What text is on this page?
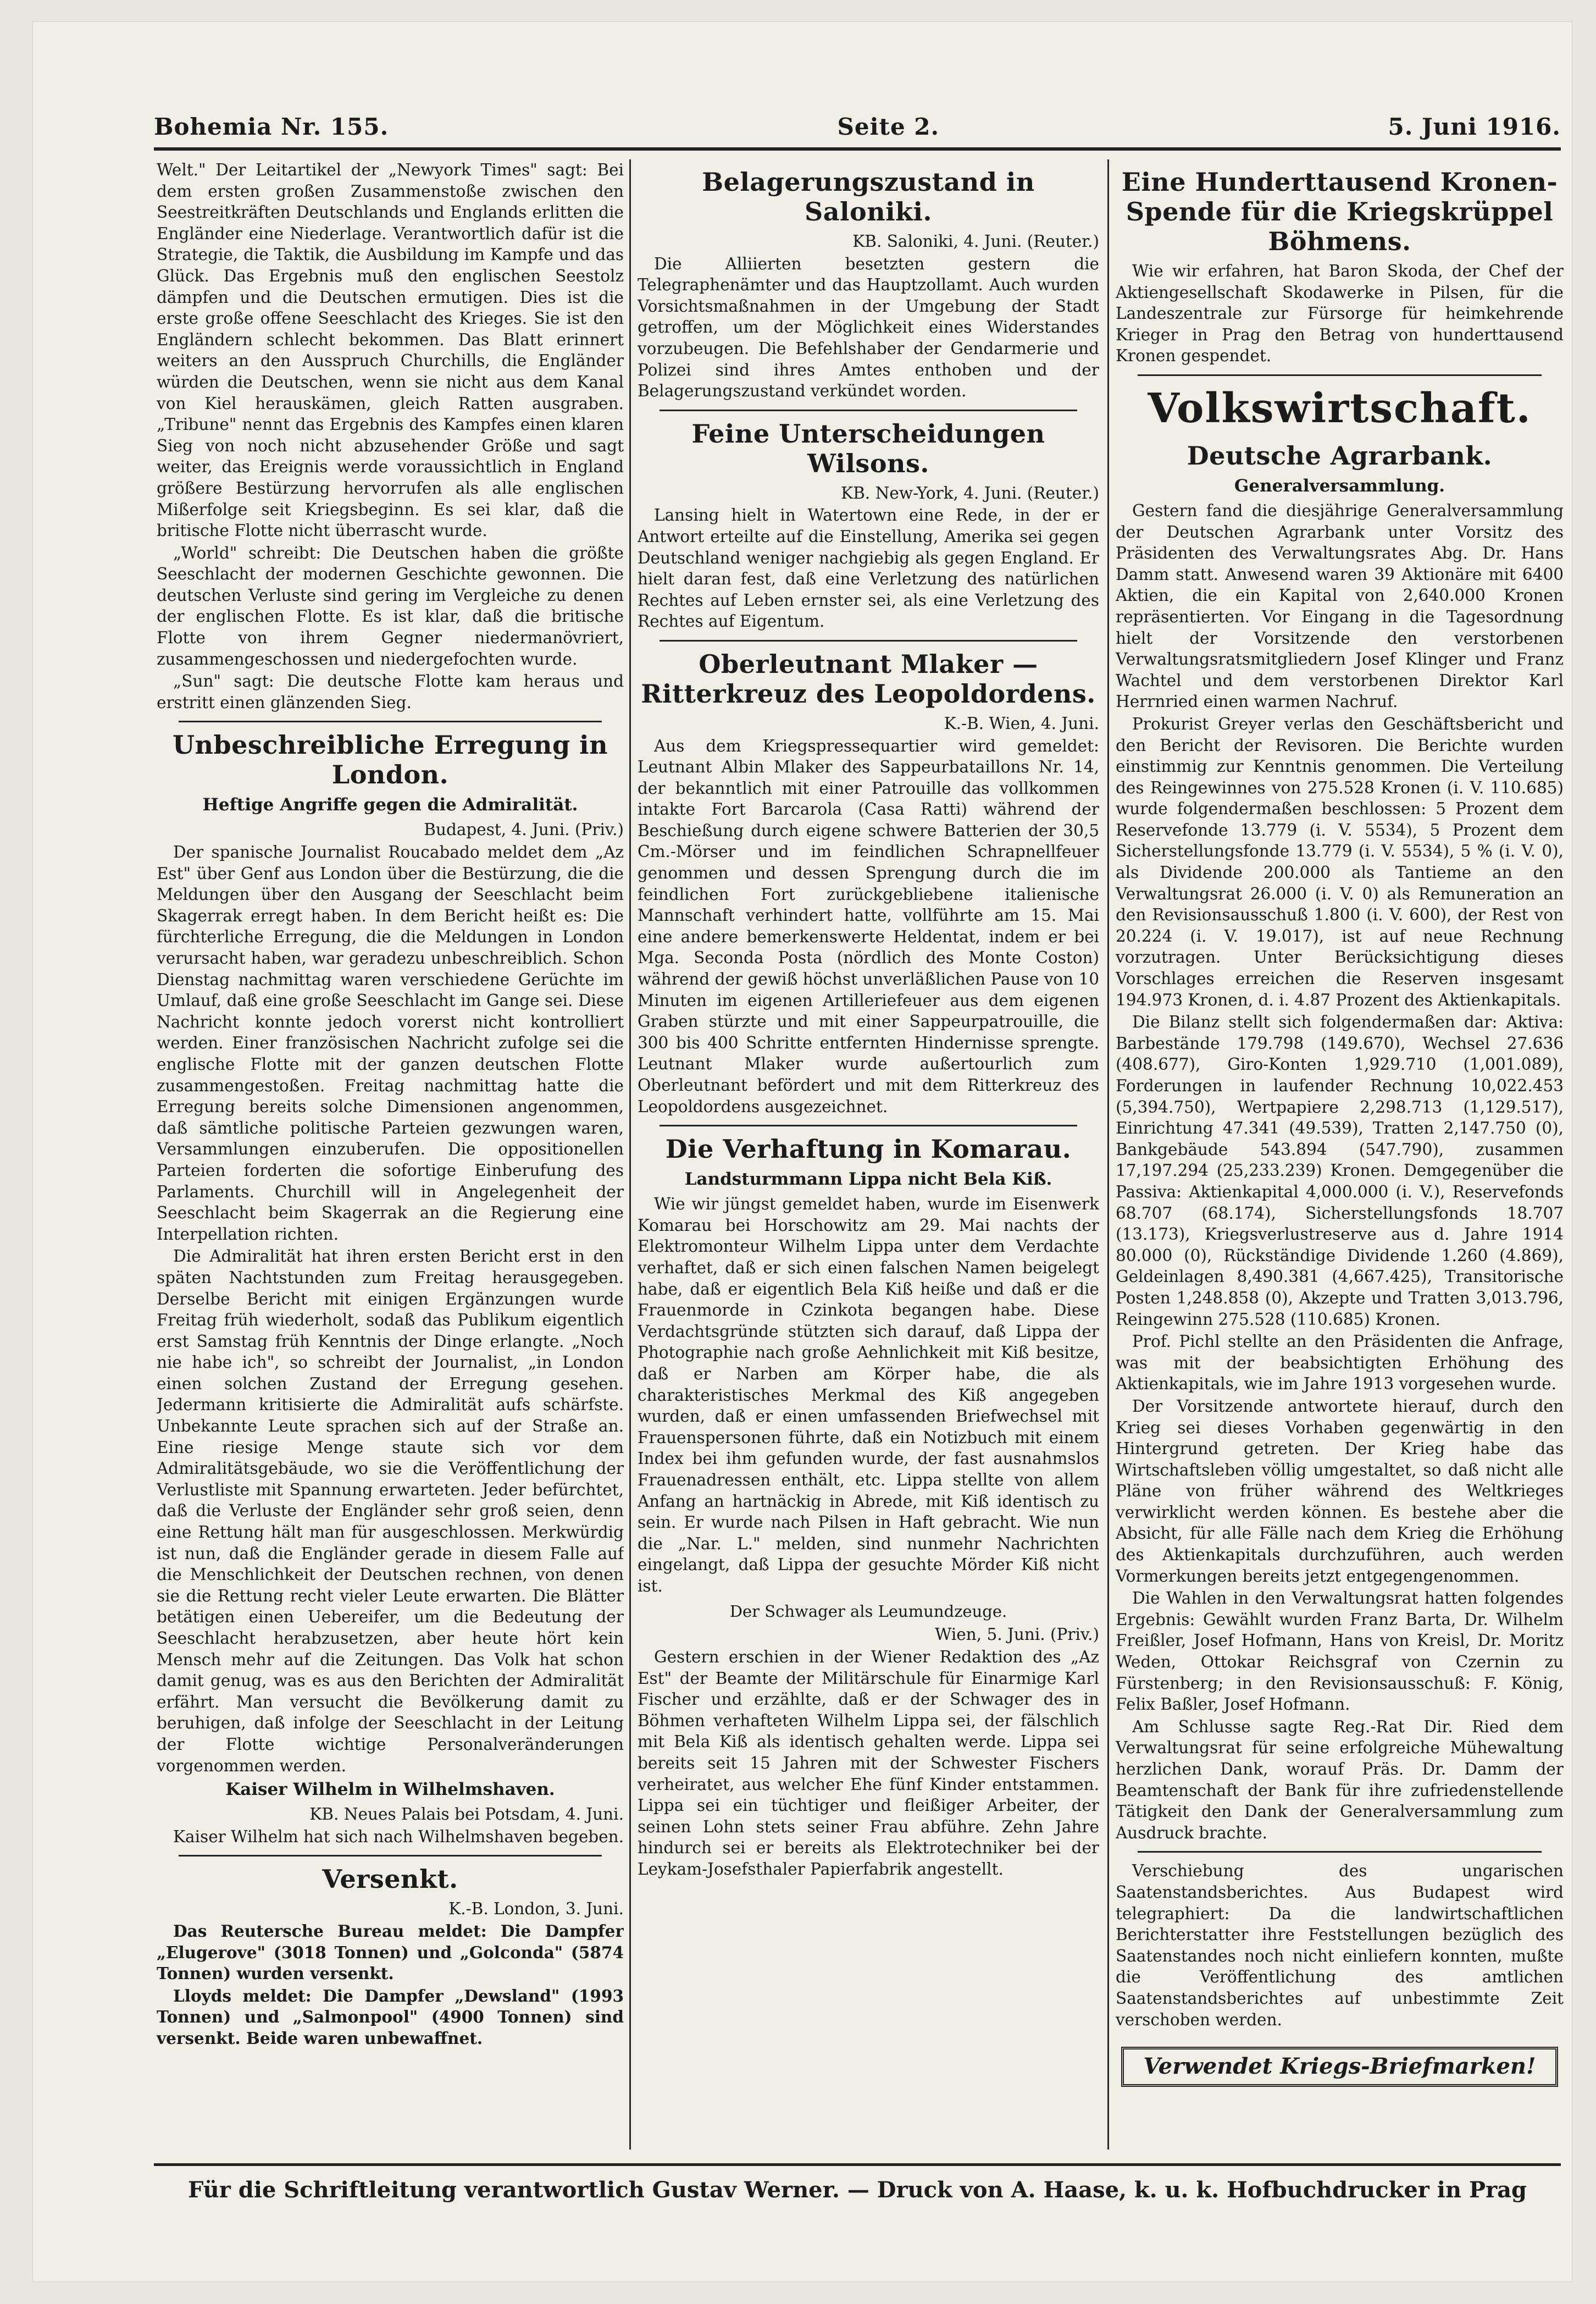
Bohemia Nr. 155.	Seite 2.	5. Juni 1916.

Welt." Der Leitartikel der „Newyork Times" sagt: Bei dem ersten großen Zusammenstoße zwischen den Seestreitkräften Deutschlands und Englands erlitten die Engländer eine Niederlage. Verantwortlich dafür ist die Strategie, die Taktik, die Ausbildung im Kampfe und das Glück. Das Ergebnis muß den englischen Seestolz dämpfen und die Deutschen ermutigen. Dies ist die erste große offene Seeschlacht des Krieges. Sie ist den Engländern schlecht bekommen. Das Blatt erinnert weiters an den Ausspruch Churchills, die Engländer würden die Deutschen, wenn sie nicht aus dem Kanal von Kiel herauskämen, gleich Ratten ausgraben. „Tribune" nennt das Ergebnis des Kampfes einen klaren Sieg von noch nicht abzusehender Größe und sagt weiter, das Ereignis werde voraussichtlich in England größere Bestürzung hervorrufen als alle englischen Mißerfolge seit Kriegsbeginn. Es sei klar, daß die britische Flotte nicht überrascht wurde.

„World" schreibt: Die Deutschen haben die größte Seeschlacht der modernen Geschichte gewonnen. Die deutschen Verluste sind gering im Vergleiche zu denen der englischen Flotte. Es ist klar, daß die britische Flotte von ihrem Gegner niedermanövriert, zusammengeschossen und niedergefochten wurde.

„Sun" sagt: Die deutsche Flotte kam heraus und erstritt einen glänzenden Sieg.

Unbeschreibliche Erregung in London.
Heftige Angriffe gegen die Admiralität.

Budapest, 4. Juni. (Priv.)

Der spanische Journalist Roucabado meldet dem „Az Est" über Genf aus London über die Bestürzung, die die Meldungen über den Ausgang der Seeschlacht beim Skagerrak erregt haben. In dem Bericht heißt es: Die fürchterliche Erregung, die die Meldungen in London verursacht haben, war geradezu unbeschreiblich. Schon Dienstag nachmittag waren verschiedene Gerüchte im Umlauf, daß eine große Seeschlacht im Gange sei. Diese Nachricht konnte jedoch vorerst nicht kontrolliert werden. Einer französischen Nachricht zufolge sei die englische Flotte mit der ganzen deutschen Flotte zusammengestoßen. Freitag nachmittag hatte die Erregung bereits solche Dimensionen angenommen, daß sämtliche politische Parteien gezwungen waren, Versammlungen einzuberufen. Die oppositionellen Parteien forderten die sofortige Einberufung des Parlaments. Churchill will in Angelegenheit der Seeschlacht beim Skagerrak an die Regierung eine Interpellation richten.

Die Admiralität hat ihren ersten Bericht erst in den späten Nachtstunden zum Freitag herausgegeben. Derselbe Bericht mit einigen Ergänzungen wurde Freitag früh wiederholt, sodaß das Publikum eigentlich erst Samstag früh Kenntnis der Dinge erlangte. „Noch nie habe ich", so schreibt der Journalist, „in London einen solchen Zustand der Erregung gesehen. Jedermann kritisierte die Admiralität aufs schärfste. Unbekannte Leute sprachen sich auf der Straße an. Eine riesige Menge staute sich vor dem Admiralitätsgebäude, wo sie die Veröffentlichung der Verlustliste mit Spannung erwarteten. Jeder befürchtet, daß die Verluste der Engländer sehr groß seien, denn eine Rettung hält man für ausgeschlossen. Merkwürdig ist nun, daß die Engländer gerade in diesem Falle auf die Menschlichkeit der Deutschen rechnen, von denen sie die Rettung recht vieler Leute erwarten. Die Blätter betätigen einen Uebereifer, um die Bedeutung der Seeschlacht herabzusetzen, aber heute hört kein Mensch mehr auf die Zeitungen. Das Volk hat schon damit genug, was es aus den Berichten der Admiralität erfährt. Man versucht die Bevölkerung damit zu beruhigen, daß infolge der Seeschlacht in der Leitung der Flotte wichtige Personalveränderungen vorgenommen werden.

Kaiser Wilhelm in Wilhelmshaven.

KB. Neues Palais bei Potsdam, 4. Juni.

Kaiser Wilhelm hat sich nach Wilhelmshaven begeben.

Versenkt.

K.-B. London, 3. Juni.

Das Reutersche Bureau meldet: Die Dampfer „Elugerove" (3018 Tonnen) und „Golconda" (5874 Tonnen) wurden versenkt.

Lloyds meldet: Die Dampfer „Dewsland" (1993 Tonnen) und „Salmonpool" (4900 Tonnen) sind versenkt. Beide waren unbewaffnet.

Belagerungszustand in Saloniki.

KB. Saloniki, 4. Juni. (Reuter.)

Die Alliierten besetzten gestern die Telegraphenämter und das Hauptzollamt. Auch wurden Vorsichtsmaßnahmen in der Umgebung der Stadt getroffen, um der Möglichkeit eines Widerstandes vorzubeugen. Die Befehlshaber der Gendarmerie und Polizei sind ihres Amtes enthoben und der Belagerungszustand verkündet worden.

Feine Unterscheidungen Wilsons.

KB. New-York, 4. Juni. (Reuter.)

Lansing hielt in Watertown eine Rede, in der er Antwort erteilte auf die Einstellung, Amerika sei gegen Deutschland weniger nachgiebig als gegen England. Er hielt daran fest, daß eine Verletzung des natürlichen Rechtes auf Leben ernster sei, als eine Verletzung des Rechtes auf Eigentum.

Oberleutnant Mlaker — Ritterkreuz des Leopoldordens.

K.-B. Wien, 4. Juni.

Aus dem Kriegspressequartier wird gemeldet: Leutnant Albin Mlaker des Sappeurbataillons Nr. 14, der bekanntlich mit einer Patrouille das vollkommen intakte Fort Barcarola (Casa Ratti) während der Beschießung durch eigene schwere Batterien der 30,5 Cm.-Mörser und im feindlichen Schrapnellfeuer genommen und dessen Sprengung durch die im feindlichen Fort zurückgebliebene italienische Mannschaft verhindert hatte, vollführte am 15. Mai eine andere bemerkenswerte Heldentat, indem er bei Mga. Seconda Posta (nördlich des Monte Coston) während der gewiß höchst unverläßlichen Pause von 10 Minuten im eigenen Artilleriefeuer aus dem eigenen Graben stürzte und mit einer Sappeurpatrouille, die 300 bis 400 Schritte entfernten Hindernisse sprengte. Leutnant Mlaker wurde außertourlich zum Oberleutnant befördert und mit dem Ritterkreuz des Leopoldordens ausgezeichnet.

Die Verhaftung in Komarau.
Landsturmmann Lippa nicht Bela Kiß.

Wie wir jüngst gemeldet haben, wurde im Eisenwerk Komarau bei Horschowitz am 29. Mai nachts der Elektromonteur Wilhelm Lippa unter dem Verdachte verhaftet, daß er sich einen falschen Namen beigelegt habe, daß er eigentlich Bela Kiß heiße und daß er die Frauenmorde in Czinkota begangen habe. Diese Verdachtsgründe stützten sich darauf, daß Lippa der Photographie nach große Aehnlichkeit mit Kiß besitze, daß er Narben am Körper habe, die als charakteristisches Merkmal des Kiß angegeben wurden, daß er einen umfassenden Briefwechsel mit Frauenspersonen führte, daß ein Notizbuch mit einem Index bei ihm gefunden wurde, der fast ausnahmslos Frauenadressen enthält, etc. Lippa stellte von allem Anfang an hartnäckig in Abrede, mit Kiß identisch zu sein. Er wurde nach Pilsen in Haft gebracht. Wie nun die „Nar. L." melden, sind nunmehr Nachrichten eingelangt, daß Lippa der gesuchte Mörder Kiß nicht ist.

Der Schwager als Leumundzeuge.

Wien, 5. Juni. (Priv.)

Gestern erschien in der Wiener Redaktion des „Az Est" der Beamte der Militärschule für Einarmige Karl Fischer und erzählte, daß er der Schwager des in Böhmen verhafteten Wilhelm Lippa sei, der fälschlich mit Bela Kiß als identisch gehalten werde. Lippa sei bereits seit 15 Jahren mit der Schwester Fischers verheiratet, aus welcher Ehe fünf Kinder entstammen. Lippa sei ein tüchtiger und fleißiger Arbeiter, der seinen Lohn stets seiner Frau abführe. Zehn Jahre hindurch sei er bereits als Elektrotechniker bei der Leykam-Josefsthaler Papierfabrik angestellt.

Eine Hunderttausend Kronen-Spende für die Kriegskrüppel Böhmens.

Wie wir erfahren, hat Baron Skoda, der Chef der Aktiengesellschaft Skodawerke in Pilsen, für die Landeszentrale zur Fürsorge für heimkehrende Krieger in Prag den Betrag von hunderttausend Kronen gespendet.

Volkswirtschaft.
Deutsche Agrarbank.
Generalversammlung.

Gestern fand die diesjährige Generalversammlung der Deutschen Agrarbank unter Vorsitz des Präsidenten des Verwaltungsrates Abg. Dr. Hans Damm statt. Anwesend waren 39 Aktionäre mit 6400 Aktien, die ein Kapital von 2,640.000 Kronen repräsentierten. Vor Eingang in die Tagesordnung hielt der Vorsitzende den verstorbenen Verwaltungsratsmitgliedern Josef Klinger und Franz Wachtel und dem verstorbenen Direktor Karl Herrnried einen warmen Nachruf.

Prokurist Greyer verlas den Geschäftsbericht und den Bericht der Revisoren. Die Berichte wurden einstimmig zur Kenntnis genommen. Die Verteilung des Reingewinnes von 275.528 Kronen (i. V. 110.685) wurde folgendermaßen beschlossen: 5 Prozent dem Reservefonde 13.779 (i. V. 5534), 5 Prozent dem Sicherstellungsfonde 13.779 (i. V. 5534), 5 % (i. V. 0), als Dividende 200.000 als Tantieme an den Verwaltungsrat 26.000 (i. V. 0) als Remuneration an den Revisionsausschuß 1.800 (i. V. 600), der Rest von 20.224 (i. V. 19.017), ist auf neue Rechnung vorzutragen. Unter Berücksichtigung dieses Vorschlages erreichen die Reserven insgesamt 194.973 Kronen, d. i. 4.87 Prozent des Aktienkapitals.

Die Bilanz stellt sich folgendermaßen dar: Aktiva: Barbestände 179.798 (149.670), Wechsel 27.636 (408.677), Giro-Konten 1,929.710 (1,001.089), Forderungen in laufender Rechnung 10,022.453 (5,394.750), Wertpapiere 2,298.713 (1,129.517), Einrichtung 47.341 (49.539), Tratten 2,147.750 (0), Bankgebäude 543.894 (547.790), zusammen 17,197.294 (25,233.239) Kronen. Demgegenüber die Passiva: Aktienkapital 4,000.000 (i. V.), Reservefonds 68.707 (68.174), Sicherstellungsfonds 18.707 (13.173), Kriegsverlustreserve aus d. Jahre 1914 80.000 (0), Rückständige Dividende 1.260 (4.869), Geldeinlagen 8,490.381 (4,667.425), Transitorische Posten 1,248.858 (0), Akzepte und Tratten 3,013.796, Reingewinn 275.528 (110.685) Kronen.

Prof. Pichl stellte an den Präsidenten die Anfrage, was mit der beabsichtigten Erhöhung des Aktienkapitals, wie im Jahre 1913 vorgesehen wurde.

Der Vorsitzende antwortete hierauf, durch den Krieg sei dieses Vorhaben gegenwärtig in den Hintergrund getreten. Der Krieg habe das Wirtschaftsleben völlig umgestaltet, so daß nicht alle Pläne von früher während des Weltkrieges verwirklicht werden können. Es bestehe aber die Absicht, für alle Fälle nach dem Krieg die Erhöhung des Aktienkapitals durchzuführen, auch werden Vormerkungen bereits jetzt entgegengenommen.

Die Wahlen in den Verwaltungsrat hatten folgendes Ergebnis: Gewählt wurden Franz Barta, Dr. Wilhelm Freißler, Josef Hofmann, Hans von Kreisl, Dr. Moritz Weden, Ottokar Reichsgraf von Czernin zu Fürstenberg; in den Revisionsausschuß: F. König, Felix Baßler, Josef Hofmann.

Am Schlusse sagte Reg.-Rat Dir. Ried dem Verwaltungsrat für seine erfolgreiche Mühewaltung herzlichen Dank, worauf Präs. Dr. Damm der Beamtenschaft der Bank für ihre zufriedenstellende Tätigkeit den Dank der Generalversammlung zum Ausdruck brachte.

Verschiebung des ungarischen Saatenstandsberichtes. Aus Budapest wird telegraphiert: Da die landwirtschaftlichen Berichterstatter ihre Feststellungen bezüglich des Saatenstandes noch nicht einliefern konnten, mußte die Veröffentlichung des amtlichen Saatenstandsberichtes auf unbestimmte Zeit verschoben werden.

Verwendet Kriegs-Briefmarken!
Für die Schriftleitung verantwortlich Gustav Werner. — Druck von A. Haase, k. u. k. Hofbuchdrucker in Prag
